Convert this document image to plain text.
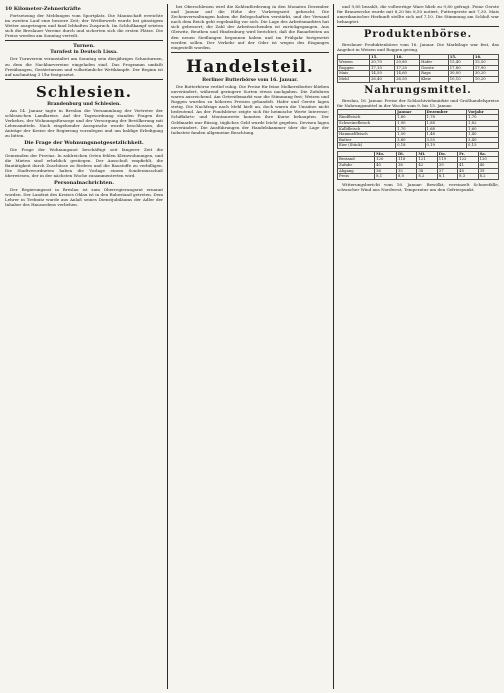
10 Kilometer-Zehnerkräfte

Fortsetzung der Meldungen vom Sportplatz. Die Mannschaft erreichte im zweiten Lauf eine bessere Zeit; der Wettbewerb wurde bei günstigem Wetter ausgetragen und fand lebhaften Zuspruch. Im Schlußkampf setzten sich die Breslauer Vereine durch und sicherten sich die ersten Plätze. Die Preise werden am Sonntag verteilt.

Turnen.
Turnfest in Deutsch Lissa.

Der Turnverein veranstaltet am Sonntag sein diesjähriges Schauturnen, zu dem die Nachbarvereine eingeladen sind. Das Programm umfaßt Freiübungen, Geräteturnen und volkstümliche Wettkämpfe. Der Beginn ist auf nachmittag 3 Uhr festgesetzt.

Schlesien.
Brandenburg und Schlesien.

Am 14. Januar tagte in Breslau die Versammlung der Vertreter der schlesischen Landkreise. Auf der Tagesordnung standen Fragen des Verkehrs, der Wohnungsfürsorge und der Versorgung der Bevölkerung mit Lebensmitteln. Nach eingehender Aussprache wurde beschlossen, die Anträge der Kreise der Regierung vorzulegen und um baldige Erledigung zu bitten.

Die Frage der Wohnungsnotgesetzlichkeit.

Die Frage der Wohnungsnot beschäftigt seit längerer Zeit die Gemeinden der Provinz. In zahlreichen Orten fehlen Kleinwohnungen, und die Mieten sind erheblich gestiegen. Der Ausschuß empfiehlt, die Bautätigkeit durch Zuschüsse zu fördern und die Baustoffe zu verbilligen. Die Stadtverordneten haben die Vorlage einem Sonderausschuß überwiesen, der in der nächsten Woche zusammentreten wird.

Personalnachrichten.

Der Regierungsrat in Breslau ist zum Oberregierungsrat ernannt worden. Der Landrat des Kreises Ohlau ist in den Ruhestand getreten. Dem Lehrer in Trebnitz wurde aus Anlaß seines Dienstjubiläums der Adler der Inhaber des Hausordens verliehen.

bei Oberschlesien wird die Kohlenförderung in den Monaten Dezember und Januar auf die Höhe der Vorkriegszeit gebracht. Die Zechenverwaltungen haben die Belegschaften verstärkt, und der Versand nach dem Reich geht regelmäßig vor sich. Die Lage des Arbeitsmarktes hat sich gebessert; die Zahl der Arbeitsuchenden ist zurückgegangen. Aus Gleiwitz, Beuthen und Hindenburg wird berichtet, daß die Bauarbeiten an den neuen Siedlungen begonnen haben und im Frühjahr fortgesetzt werden sollen. Der Verkehr auf der Oder ist wegen des Eisganges eingestellt worden.

Handelsteil.
Berliner Butterbörse vom 16. Januar.

Die Butterbörse verlief ruhig. Die Preise für feine Molkereibutter blieben unverändert, während geringere Sorten etwas nachgaben. Die Zufuhren waren ausreichend. Am Getreidemarkt war die Stimmung fest; Weizen und Roggen wurden zu höheren Preisen gehandelt. Hafer und Gerste lagen stetig. Die Nachfrage nach Mehl hielt an, doch waren die Umsätze nicht bedeutend. An der Fondsbörse zeigte sich für heimische Werte Interesse; Schiffahrts- und Montanwerte konnten ihre Kurse behaupten. Der Geldmarkt war flüssig, tägliches Geld wurde leicht gegeben. Devisen lagen unverändert. Die Ausführungen der Handelskammer über die Lage der Industrie fanden allgemeine Beachtung.

und 9,85 bezahlt, die vollwertige Ware blieb zu 9,80 gefragt. Feine Gerste für Brauzwecke wurde mit 8,20 bis 8,50 notiert, Futtergerste mit 7,30. Mais amerikanischer Herkunft stellte sich auf 7,10. Die Stimmung am Schluß war behauptet.

Produktenbörse.

Breslauer Produktenbörse vom 16. Januar. Die Marktlage war fest, das Angebot in Weizen und Roggen gering.

	15.	16.		15.	16.
Weizen	20,70	20,80	Hafer	15,40	15,50
Roggen	17,10	17,20	Gerste	17,80	17,90
Mais	14,50	14,60	Raps	30,00	30,20
Mehl	26,40	26,50	Kleie	10,10	10,20
Nahrungsmittel.

Breslau, 16. Januar. Preise der Schlachtviehmärkte und Großhandelspreise für Nahrungsmittel in der Woche vom 9. bis 15. Januar.

	Januar	Dezember	Vorjahr
Rindfleisch	1,80	1,78	1,70
Schweinefleisch	1,90	1,88	1,82
Kalbfleisch	1,70	1,68	1,60
Hammelfleisch	1,50	1,48	1,40
Butter	3,60	3,55	3,40
Eier (Stück)	0,18	0,19	0,15
	Mo.	Di.	Mi.	Do.	Fr.	Sa.
Bestand	120	118	121	119	122	120
Zufuhr	40	38	42	39	41	40
Abgang	36	35	38	37	40	39
Preis	8,1	8,0	8,2	8,1	8,3	8,2

Witterungsbericht vom 16. Januar: Bewölkt, vereinzelt Schneefälle, schwacher Wind aus Nordwest, Temperatur um den Gefrierpunkt.
